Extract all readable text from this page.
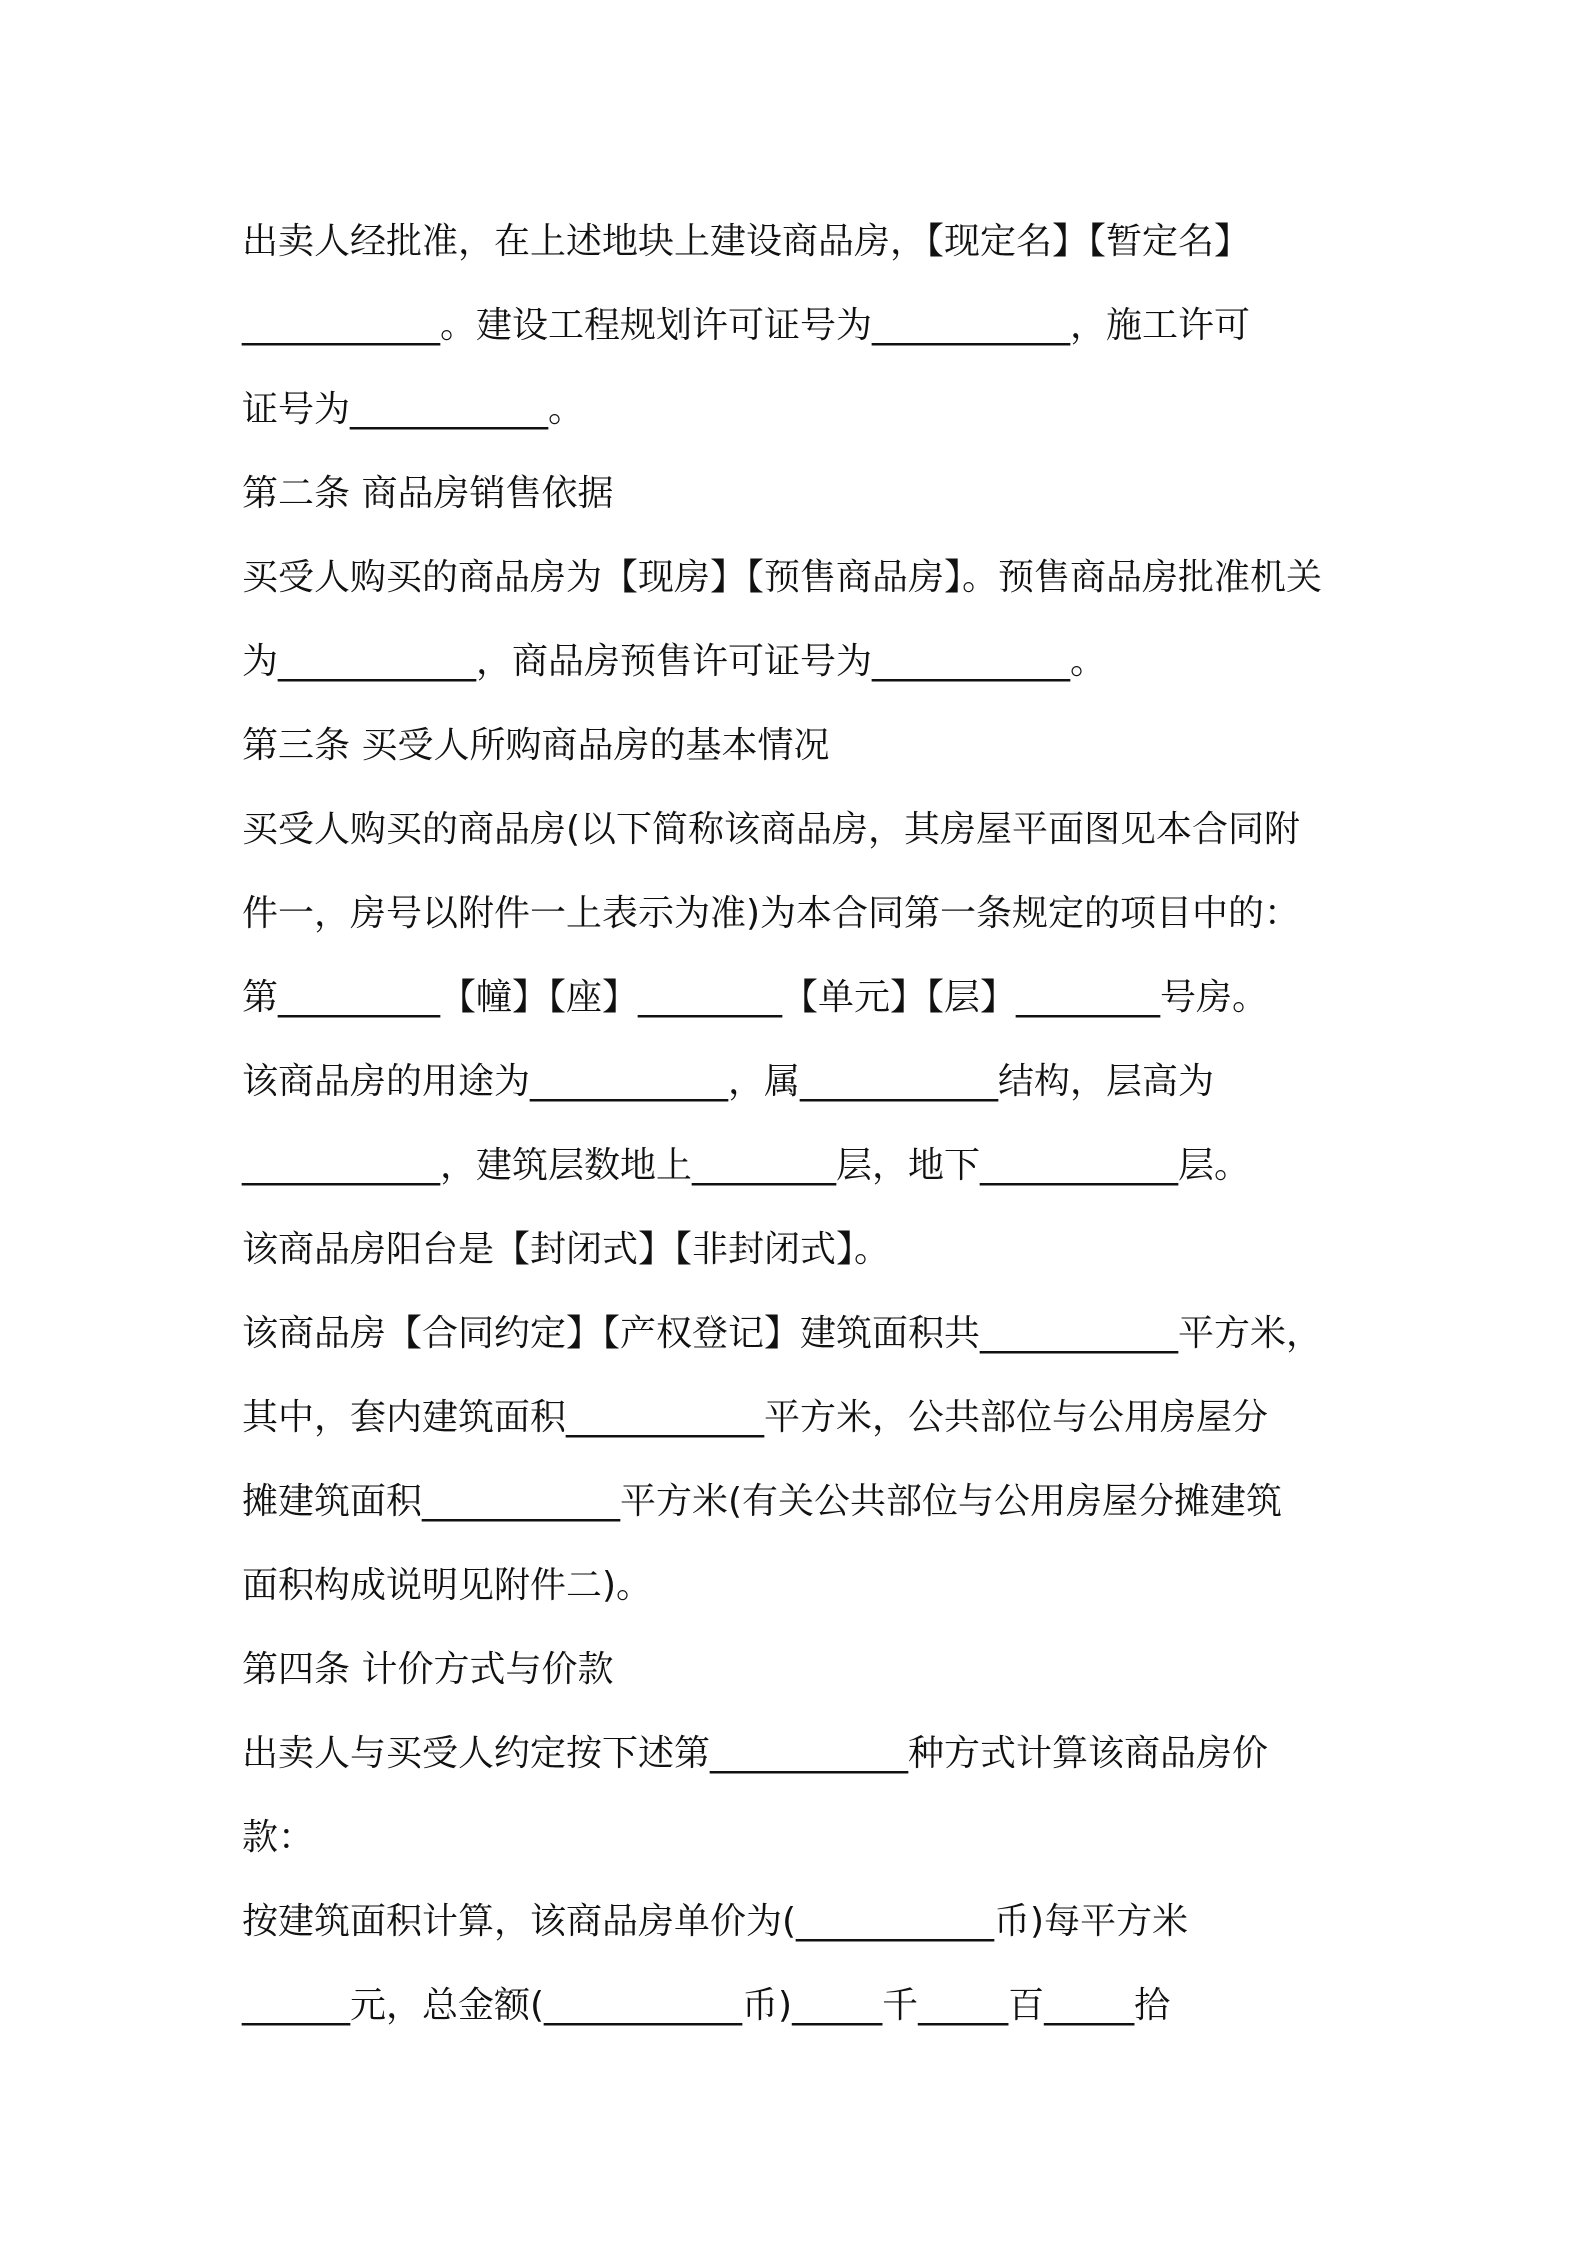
出卖人经批准，在上述地块上建设商品房，【现定名】【暂定名】
___________。建设工程规划许可证号为___________，施工许可
证号为___________。
第二条 商品房销售依据
买受人购买的商品房为【现房】【预售商品房】。预售商品房批准机关
为___________，商品房预售许可证号为___________。
第三条 买受人所购商品房的基本情况
买受人购买的商品房(以下简称该商品房，其房屋平面图见本合同附
件一，房号以附件一上表示为准)为本合同第一条规定的项目中的：
第_________【幢】【座】________【单元】【层】________号房。
该商品房的用途为___________，属___________结构，层高为
___________，建筑层数地上________层，地下___________层。
该商品房阳台是【封闭式】【非封闭式】。
该商品房【合同约定】【产权登记】建筑面积共___________平方米，
其中，套内建筑面积___________平方米，公共部位与公用房屋分
摊建筑面积___________平方米(有关公共部位与公用房屋分摊建筑
面积构成说明见附件二)。
第四条 计价方式与价款
出卖人与买受人约定按下述第___________种方式计算该商品房价
款：
按建筑面积计算，该商品房单价为(___________币)每平方米
______元，总金额(___________币)_____千_____百_____拾
